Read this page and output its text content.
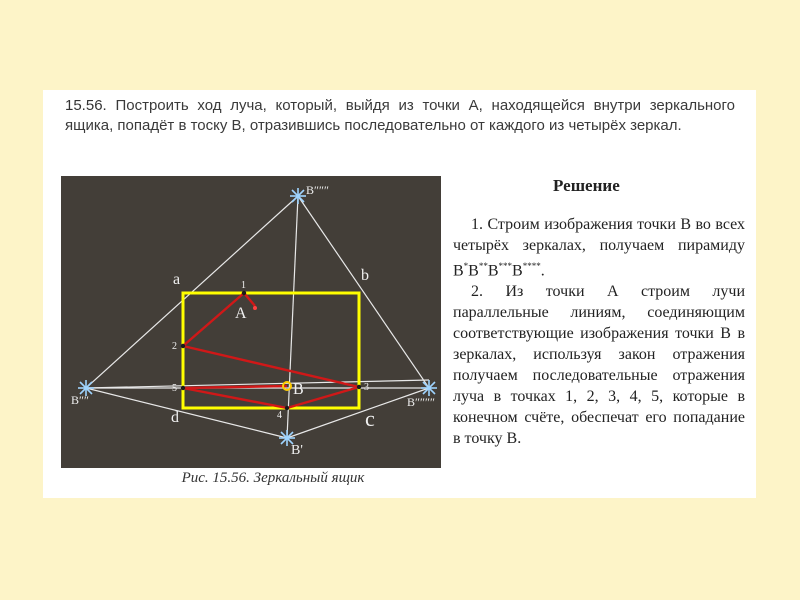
15.56. Построить ход луча, который, выйдя из точки А, находящейся внутри зеркального ящика, попадёт в тоску В, отразившись последовательно от каждого из четырёх зеркал.
a	b
c
d
A
B
B″″″
B″″	B″″″″
B'
1
2
3
4
5
Рис. 15.56. Зеркальный ящик
Решение

1. Строим изображения точки В во всех четырёх зеркалах, получаем пирамиду В*В**В***В****.

2. Из точки А строим лучи параллельные линиям, соединяющим соответствующие изображения точки В в зеркалах, используя закон отражения получаем последовательные отражения луча в точках 1, 2, 3, 4, 5, которые в конечном счёте, обеспечат его попадание в точку В.
